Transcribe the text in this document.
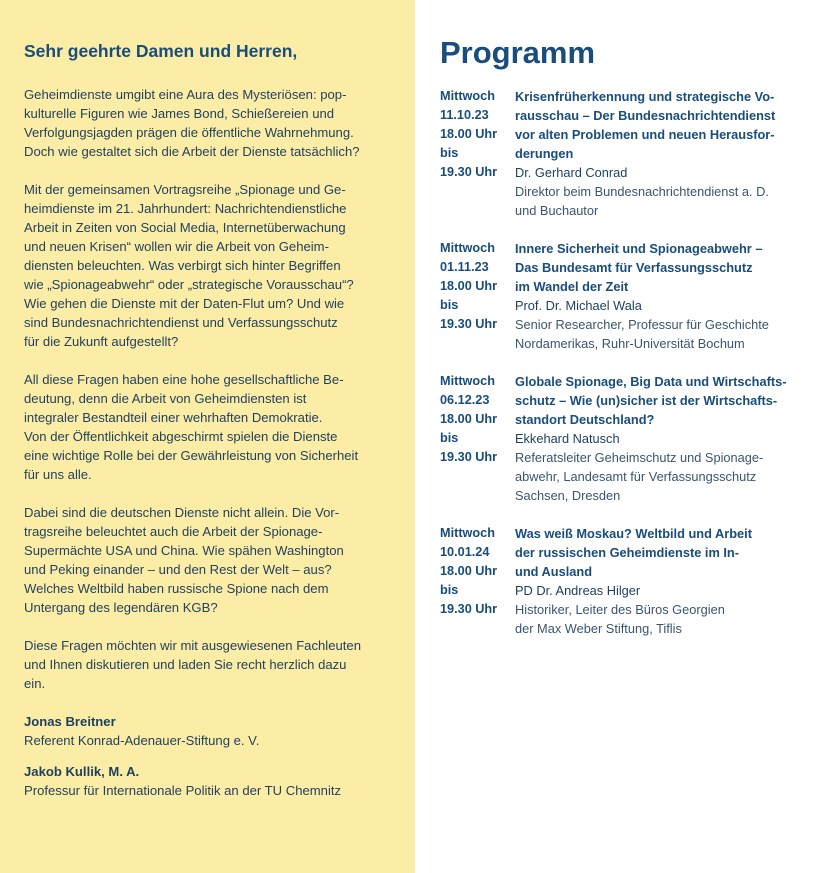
Sehr geehrte Damen und Herren,
Geheimdienste umgibt eine Aura des Mysteriösen: pop-
kulturelle Figuren wie James Bond, Schießereien und
Verfolgungsjagden prägen die öffentliche Wahrnehmung.
Doch wie gestaltet sich die Arbeit der Dienste tatsächlich?
Mit der gemeinsamen Vortragsreihe „Spionage und Ge-
heimdienste im 21. Jahrhundert: Nachrichtendienstliche
Arbeit in Zeiten von Social Media, Internetüberwachung
und neuen Krisen“ wollen wir die Arbeit von Geheim-
diensten beleuchten. Was verbirgt sich hinter Begriffen
wie „Spionageabwehr“ oder „strategische Vorausschau“?
Wie gehen die Dienste mit der Daten-Flut um? Und wie
sind Bundesnachrichtendienst und Verfassungsschutz
für die Zukunft aufgestellt?
All diese Fragen haben eine hohe gesellschaftliche Be-
deutung, denn die Arbeit von Geheimdiensten ist
integraler Bestandteil einer wehrhaften Demokratie.
Von der Öffentlichkeit abgeschirmt spielen die Dienste
eine wichtige Rolle bei der Gewährleistung von Sicherheit
für uns alle.
Dabei sind die deutschen Dienste nicht allein. Die Vor-
tragsreihe beleuchtet auch die Arbeit der Spionage-
Supermächte USA und China. Wie spähen Washington
und Peking einander – und den Rest der Welt – aus?
Welches Weltbild haben russische Spione nach dem
Untergang des legendären KGB?
Diese Fragen möchten wir mit ausgewiesenen Fachleuten
und Ihnen diskutieren und laden Sie recht herzlich dazu
ein.
Jonas Breitner
Referent Konrad-Adenauer-Stiftung e. V.
Jakob Kullik, M. A.
Professur für Internationale Politik an der TU Chemnitz
Programm
Mittwoch
11.10.23
18.00 Uhr
bis
19.30 Uhr
Krisenfrüherkennung und strategische Vo-
rausschau – Der Bundesnachrichtendienst
vor alten Problemen und neuen Herausfor-
derungen
Dr. Gerhard Conrad
Direktor beim Bundesnachrichtendienst a. D.
und Buchautor
Mittwoch
01.11.23
18.00 Uhr
bis
19.30 Uhr
Innere Sicherheit und Spionageabwehr –
Das Bundesamt für Verfassungsschutz
im Wandel der Zeit
Prof. Dr. Michael Wala
Senior Researcher, Professur für Geschichte
Nordamerikas, Ruhr-Universität Bochum
Mittwoch
06.12.23
18.00 Uhr
bis
19.30 Uhr
Globale Spionage, Big Data und Wirtschafts-
schutz – Wie (un)sicher ist der Wirtschafts-
standort Deutschland?
Ekkehard Natusch
Referatsleiter Geheimschutz und Spionage-
abwehr, Landesamt für Verfassungsschutz
Sachsen, Dresden
Mittwoch
10.01.24
18.00 Uhr
bis
19.30 Uhr
Was weiß Moskau? Weltbild und Arbeit
der russischen Geheimdienste im In-
und Ausland
PD Dr. Andreas Hilger
Historiker, Leiter des Büros Georgien
der Max Weber Stiftung, Tiflis
